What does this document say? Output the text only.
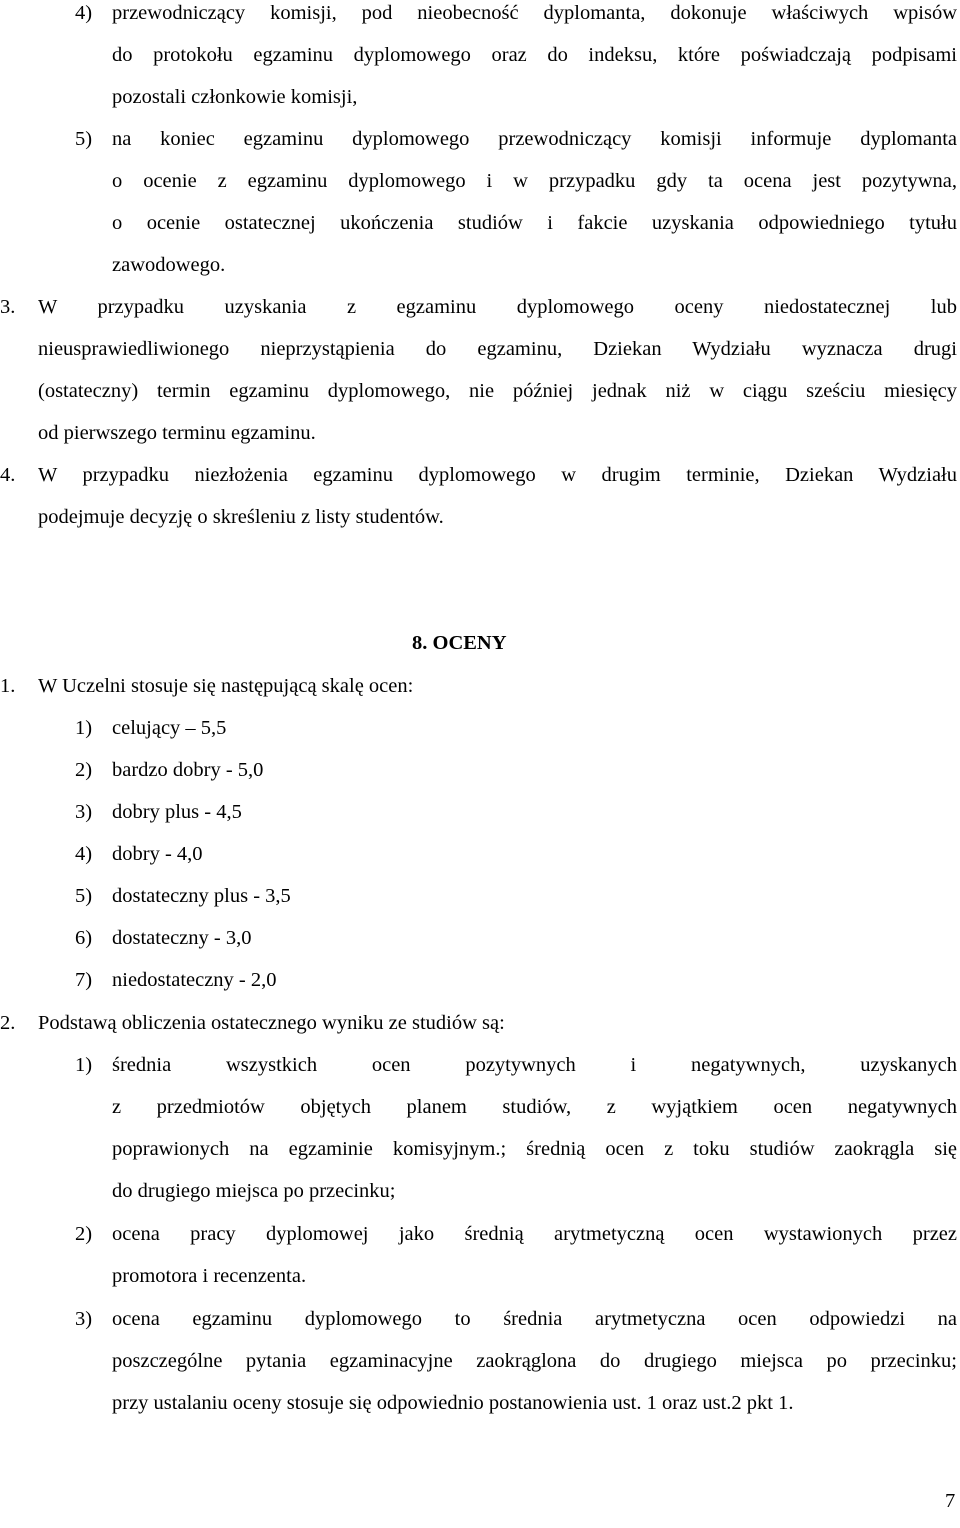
4) przewodniczący komisji, pod nieobecność dyplomanta, dokonuje właściwych wpisów
do protokołu egzaminu dyplomowego oraz do indeksu, które poświadczają podpisami
pozostali członkowie komisji,
5) na koniec egzaminu dyplomowego przewodniczący komisji informuje dyplomanta
o ocenie z egzaminu dyplomowego i w przypadku gdy ta ocena jest pozytywna,
o ocenie ostatecznej ukończenia studiów i fakcie uzyskania odpowiedniego tytułu
zawodowego.
3. W przypadku uzyskania z egzaminu dyplomowego oceny niedostatecznej lub
nieusprawiedliwionego nieprzystąpienia do egzaminu, Dziekan Wydziału wyznacza drugi
(ostateczny) termin egzaminu dyplomowego, nie później jednak niż w ciągu sześciu miesięcy
od pierwszego terminu egzaminu.
4. W przypadku niezłożenia egzaminu dyplomowego w drugim terminie, Dziekan Wydziału
podejmuje decyzję o skreśleniu z listy studentów.
8. OCENY
1. W Uczelni stosuje się następującą skalę ocen:
1) celujący – 5,5
2) bardzo dobry - 5,0
3) dobry plus - 4,5
4) dobry - 4,0
5) dostateczny plus - 3,5
6) dostateczny - 3,0
7) niedostateczny - 2,0
2. Podstawą obliczenia ostatecznego wyniku ze studiów są:
1) średnia wszystkich ocen pozytywnych i negatywnych, uzyskanych
z przedmiotów objętych planem studiów, z wyjątkiem ocen negatywnych
poprawionych na egzaminie komisyjnym.; średnią ocen z toku studiów zaokrągla się
do drugiego miejsca po przecinku;
2) ocena pracy dyplomowej jako średnią arytmetyczną ocen wystawionych przez
promotora i recenzenta.
3) ocena egzaminu dyplomowego to średnia arytmetyczna ocen odpowiedzi na
poszczególne pytania egzaminacyjne zaokrąglona do drugiego miejsca po przecinku;
przy ustalaniu oceny stosuje się odpowiednio postanowienia ust. 1 oraz ust.2 pkt 1.
7
